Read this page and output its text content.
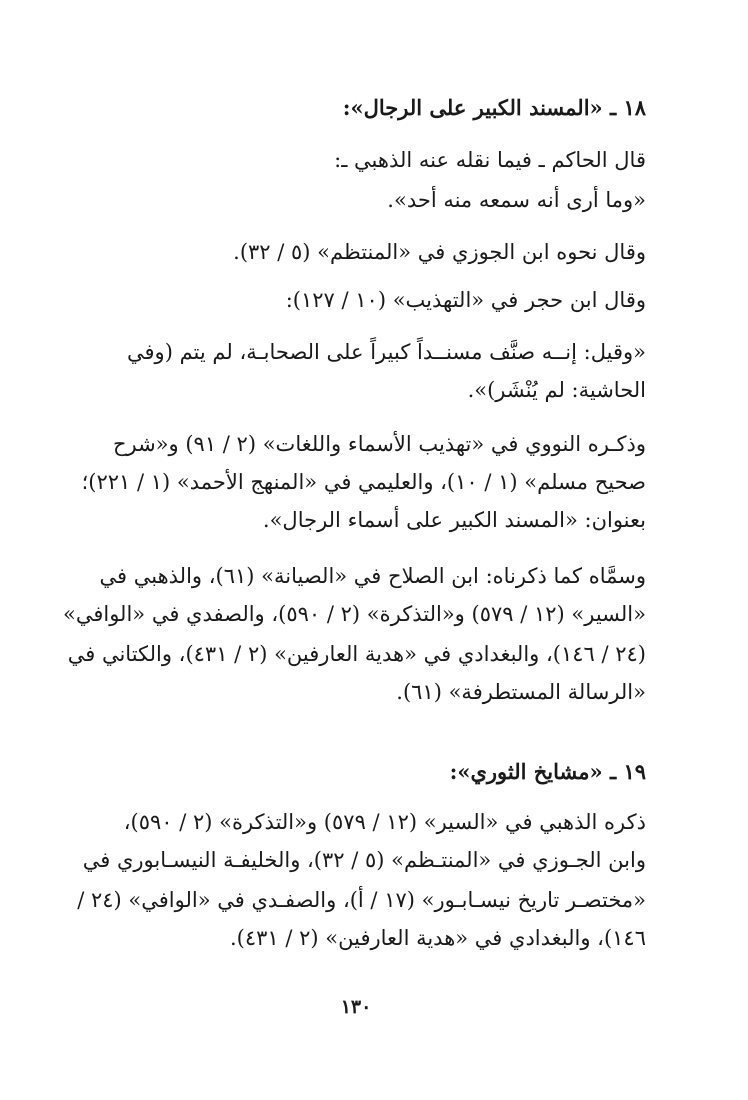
١٨ ـ «المسند الكبير على الرجال»:
قال الحاكم ـ فيما نقله عنه الذهبي ـ:
«وما أرى أنه سمعه منه أحد».
وقال نحوه ابن الجوزي في «المنتظم» (٥ / ٣٢).
وقال ابن حجر في «التهذيب» (١٠ / ١٢٧):
«وقيل: إنــه صنَّف مسنــداً كبيراً على الصحابـة، لم يتم (وفي
الحاشية: لم يُنْشَر)».
وذكـره النووي في «تهذيب الأسماء واللغات» (٢ / ٩١) و«شرح
صحيح مسلم» (١ / ١٠)، والعليمي في «المنهج الأحمد» (١ / ٢٢١)؛
بعنوان: «المسند الكبير على أسماء الرجال».
وسمَّاه كما ذكرناه: ابن الصلاح في «الصيانة» (٦١)، والذهبي في
«السير» (١٢ / ٥٧٩) و«التذكرة» (٢ / ٥٩٠)، والصفدي في «الوافي»
(٢٤ / ١٤٦)، والبغدادي في «هدية العارفين» (٢ / ٤٣١)، والكتاني في
«الرسالة المستطرفة» (٦١).
١٩ ـ «مشايخ الثوري»:
ذكره الذهبي في «السير» (١٢ / ٥٧٩) و«التذكرة» (٢ / ٥٩٠)،
وابن الجـوزي في «المنتـظم» (٥ / ٣٢)، والخليفـة النيسـابوري في
«مختصـر تاريخ نيسـابـور» (١٧ / أ)، والصفـدي في «الوافي» (٢٤ /
١٤٦)، والبغدادي في «هدية العارفين» (٢ / ٤٣١).
١٣٠
